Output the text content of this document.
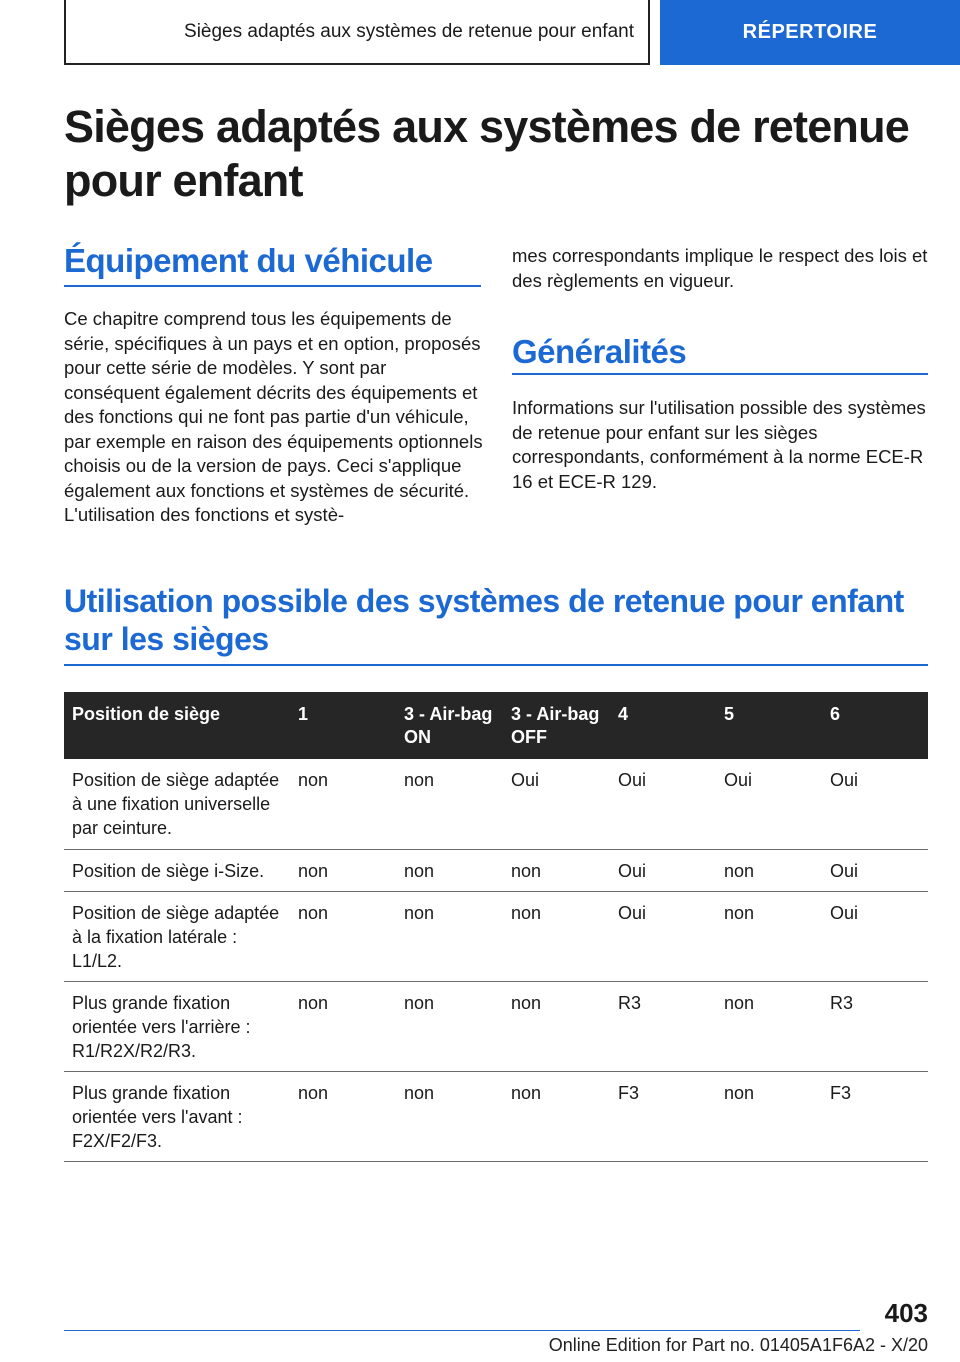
Sièges adaptés aux systèmes de retenue pour enfant	RÉPERTOIRE
Sièges adaptés aux systèmes de retenue pour enfant
Équipement du véhicule

Ce chapitre comprend tous les équipements de série, spécifiques à un pays et en option, proposés pour cette série de modèles. Y sont par conséquent également décrits des équipements et des fonctions qui ne font pas partie d'un véhicule, par exemple en raison des équipements optionnels choisis ou de la version de pays. Ceci s'applique également aux fonctions et systèmes de sécurité. L'utilisation des fonctions et systè-

mes correspondants implique le respect des lois et des règlements en vigueur.

Généralités

Informations sur l'utilisation possible des systèmes de retenue pour enfant sur les sièges correspondants, conformément à la norme ECE-R 16 et ECE-R 129.

Utilisation possible des systèmes de retenue pour enfant sur les sièges
Position de siège	1	3 - Air-bag ON	3 - Air-bag OFF	4	5	6
Position de siège adaptée à une fixation universelle par ceinture.	non	non	Oui	Oui	Oui	Oui
Position de siège i-Size.	non	non	non	Oui	non	Oui
Position de siège adaptée à la fixation latérale : L1/L2.	non	non	non	Oui	non	Oui
Plus grande fixation orientée vers l'arrière : R1/R2X/R2/R3.	non	non	non	R3	non	R3
Plus grande fixation orientée vers l'avant : F2X/F2/F3.	non	non	non	F3	non	F3
403
Online Edition for Part no. 01405A1F6A2 - X/20
